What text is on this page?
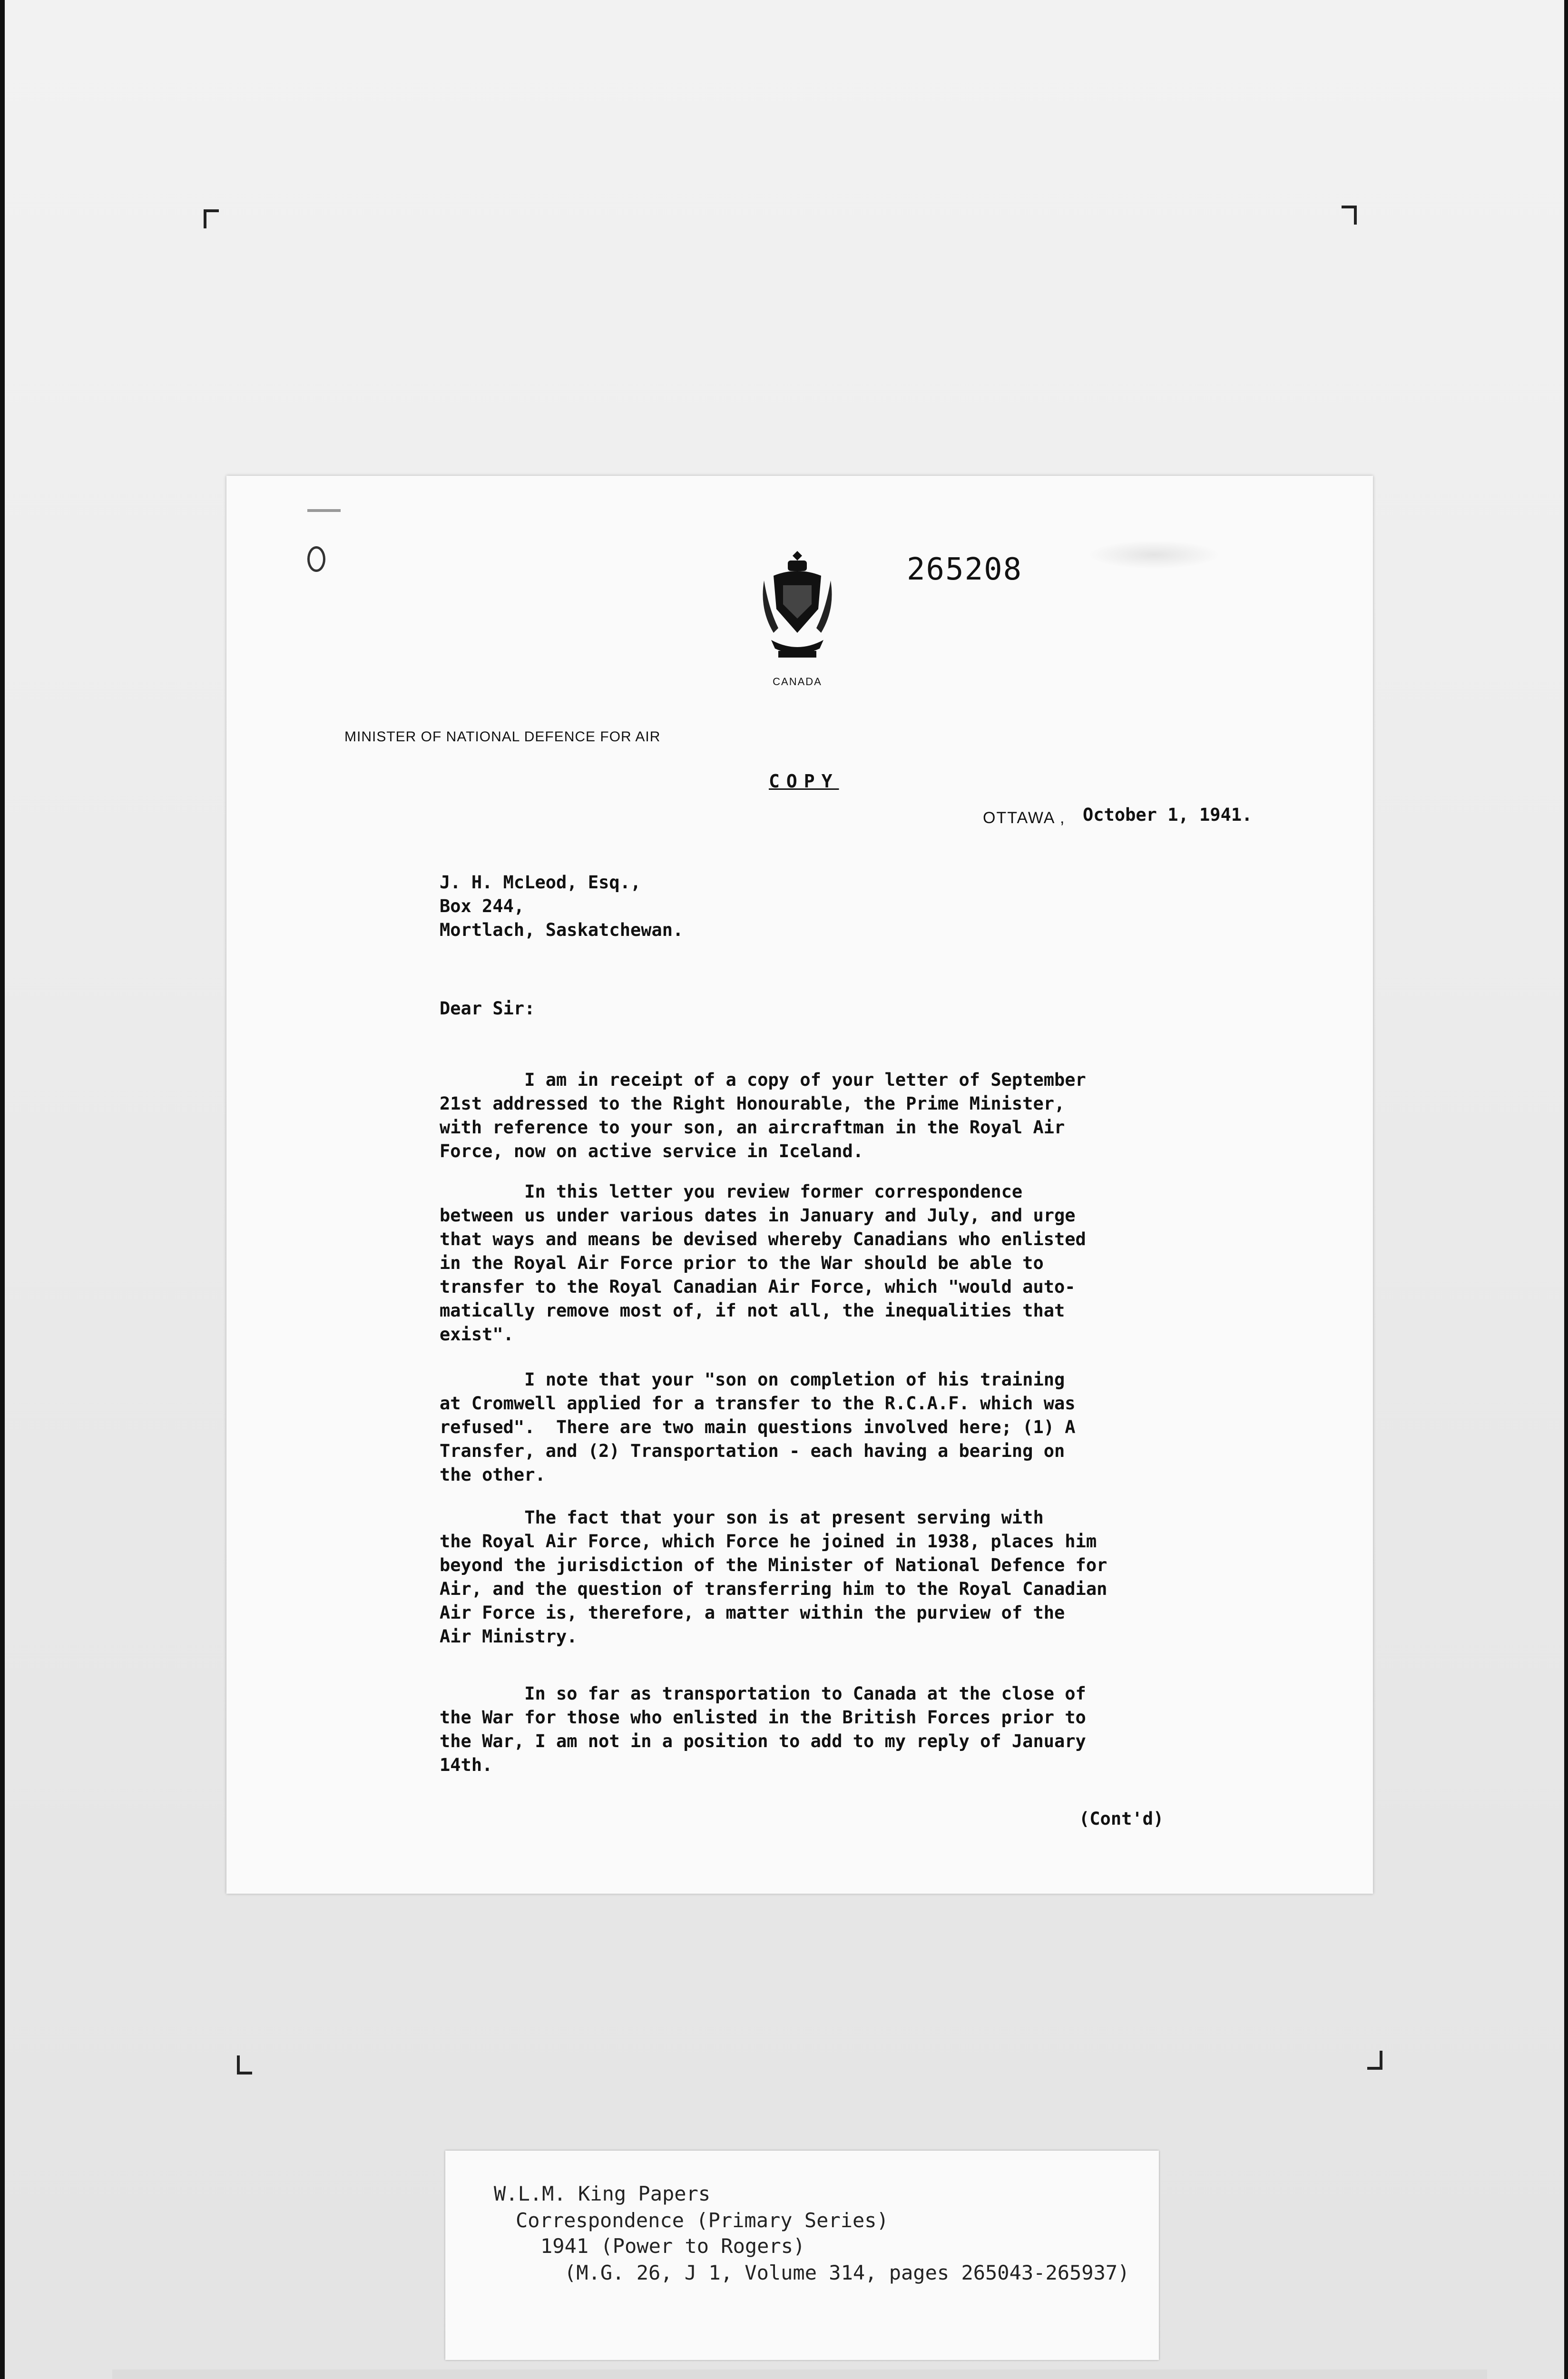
CANADA
265208
MINISTER OF NATIONAL DEFENCE FOR AIR
COPY
OTTAWA , October 1, 1941.
J. H. McLeod, Esq.,
Box 244,
Mortlach, Saskatchewan.
Dear Sir:

I am in receipt of a copy of your letter of September
21st addressed to the Right Honourable, the Prime Minister,
with reference to your son, an aircraftman in the Royal Air
Force, now on active service in Iceland.

In this letter you review former correspondence
between us under various dates in January and July, and urge
that ways and means be devised whereby Canadians who enlisted
in the Royal Air Force prior to the War should be able to
transfer to the Royal Canadian Air Force, which "would auto-
matically remove most of, if not all, the inequalities that
exist".

I note that your "son on completion of his training
at Cromwell applied for a transfer to the R.C.A.F. which was
refused".  There are two main questions involved here; (1) A
Transfer, and (2) Transportation - each having a bearing on
the other.

The fact that your son is at present serving with
the Royal Air Force, which Force he joined in 1938, places him
beyond the jurisdiction of the Minister of National Defence for
Air, and the question of transferring him to the Royal Canadian
Air Force is, therefore, a matter within the purview of the
Air Ministry.

In so far as transportation to Canada at the close of
the War for those who enlisted in the British Forces prior to
the War, I am not in a position to add to my reply of January
14th.

(Cont'd)
W.L.M. King Papers
Correspondence (Primary Series)
1941 (Power to Rogers)
(M.G. 26, J 1, Volume 314, pages 265043-265937)
